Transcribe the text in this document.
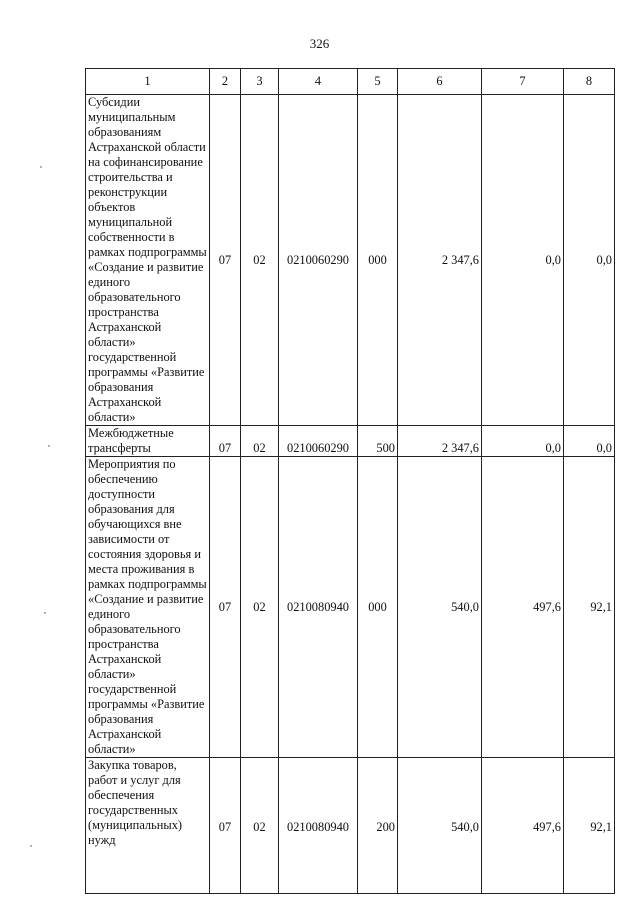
326
1	2	3	4	5	6	7	8
Субсидии муниципальным образованиям Астраханской области на софинансирование строительства и реконструкции объектов муниципальной собственности в рамках подпрограммы «Создание и развитие единого образовательного пространства Астраханской области» государственной программы «Развитие образования Астраханской области»	07	02	0210060290	000	2 347,6	0,0	0,0
Межбюджетные трансферты	07	02	0210060290	500	2 347,6	0,0	0,0
Мероприятия по обеспечению доступности образования для обучающихся вне зависимости от состояния здоровья и места проживания в рамках подпрограммы «Создание и развитие единого образовательного пространства Астраханской области» государственной программы «Развитие образования Астраханской области»	07	02	0210080940	000	540,0	497,6	92,1
Закупка товаров, работ и услуг для обеспечения государственных (муниципальных) нужд	07	02	0210080940	200	540,0	497,6	92,1
